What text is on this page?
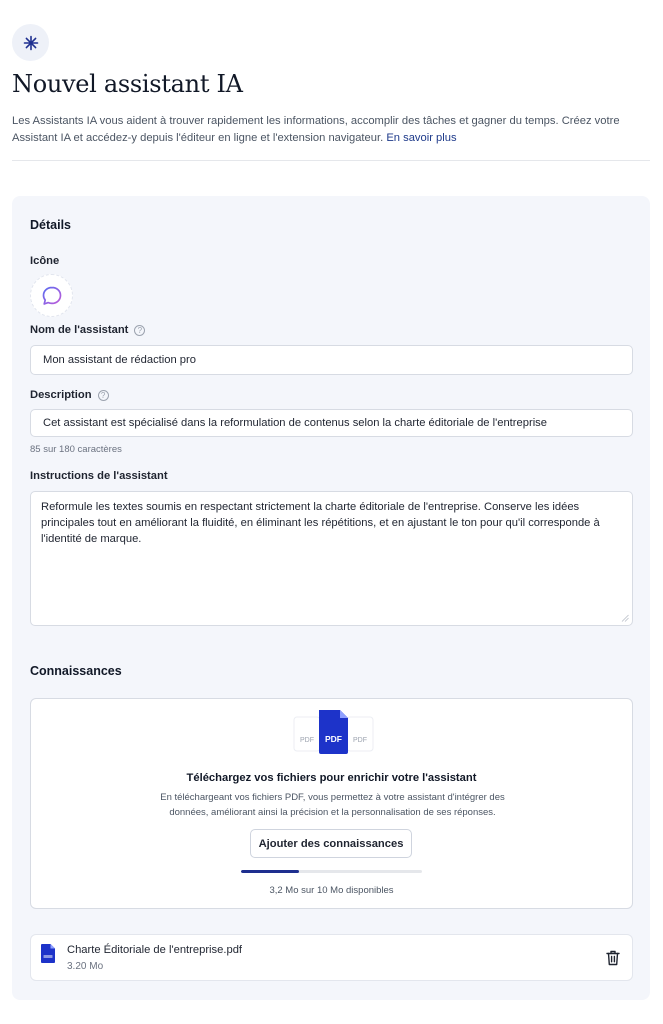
Nouvel assistant IA

Les Assistants IA vous aident à trouver rapidement les informations, accomplir des tâches et gagner du temps. Créez votre Assistant IA et accédez-y depuis l'éditeur en ligne et l'extension navigateur. En savoir plus

Détails
Icône
Nom de l'assistant	?
Mon assistant de rédaction pro
Description	?
Cet assistant est spécialisé dans la reformulation de contenus selon la charte éditoriale de l'entreprise
85 sur 180 caractères
Instructions de l'assistant
Reformule les textes soumis en respectant strictement la charte éditoriale de l'entreprise. Conserve les idées principales tout en améliorant la fluidité, en éliminant les répétitions, et en ajustant le ton pour qu'il corresponde à l'identité de marque.
Connaissances
PDF	PDF
PDF
Téléchargez vos fichiers pour enrichir votre l'assistant
En téléchargeant vos fichiers PDF, vous permettez à votre assistant d'intégrer des données, améliorant ainsi la précision et la personnalisation de ses réponses.
Ajouter des connaissances
3,2 Mo sur 10 Mo disponibles
Charte Éditoriale de l'entreprise.pdf
3.20 Mo
